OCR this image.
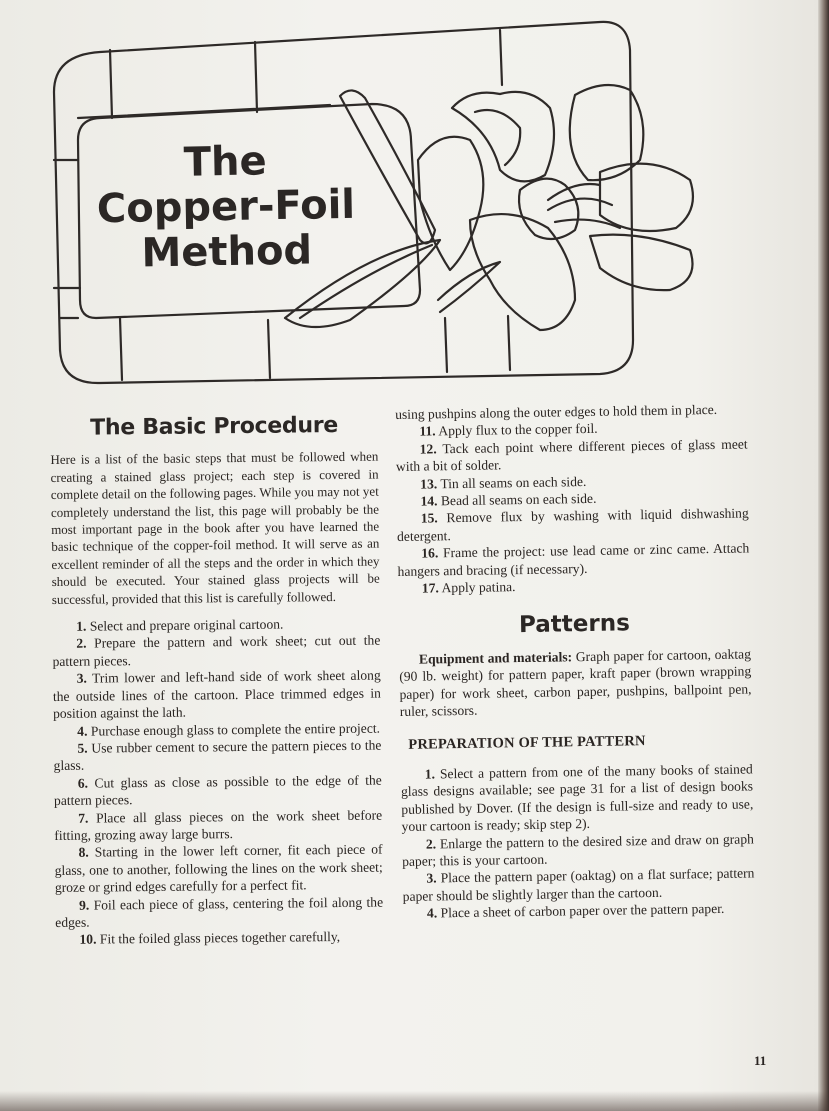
The
Copper-Foil
Method
The Basic Procedure

Here is a list of the basic steps that must be followed when creating a stained glass project; each step is covered in complete detail on the following pages. While you may not yet completely understand the list, this page will probably be the most important page in the book after you have learned the basic technique of the copper-foil method. It will serve as an excellent reminder of all the steps and the order in which they should be executed. Your stained glass projects will be successful, provided that this list is carefully followed.

1. Select and prepare original cartoon.
2. Prepare the pattern and work sheet; cut out the pattern pieces.
3. Trim lower and left-hand side of work sheet along the outside lines of the cartoon. Place trimmed edges in position against the lath.
4. Purchase enough glass to complete the entire project.
5. Use rubber cement to secure the pattern pieces to the glass.
6. Cut glass as close as possible to the edge of the pattern pieces.
7. Place all glass pieces on the work sheet before fitting, grozing away large burrs.
8. Starting in the lower left corner, fit each piece of glass, one to another, following the lines on the work sheet; groze or grind edges carefully for a perfect fit.
9. Foil each piece of glass, centering the foil along the edges.
10. Fit the foiled glass pieces together carefully,

using pushpins along the outer edges to hold them in place.

11. Apply flux to the copper foil.
12. Tack each point where different pieces of glass meet with a bit of solder.
13. Tin all seams on each side.
14. Bead all seams on each side.
15. Remove flux by washing with liquid dishwashing detergent.
16. Frame the project: use lead came or zinc came. Attach hangers and bracing (if necessary).
17. Apply patina.
Patterns

Equipment and materials: Graph paper for cartoon, oaktag (90 lb. weight) for pattern paper, kraft paper (brown wrapping paper) for work sheet, carbon paper, pushpins, ballpoint pen, ruler, scissors.

PREPARATION OF THE PATTERN
1. Select a pattern from one of the many books of stained glass designs available; see page 31 for a list of design books published by Dover. (If the design is full-size and ready to use, your cartoon is ready; skip step 2).
2. Enlarge the pattern to the desired size and draw on graph paper; this is your cartoon.
3. Place the pattern paper (oaktag) on a flat surface; pattern paper should be slightly larger than the cartoon.
4. Place a sheet of carbon paper over the pattern paper.
11
